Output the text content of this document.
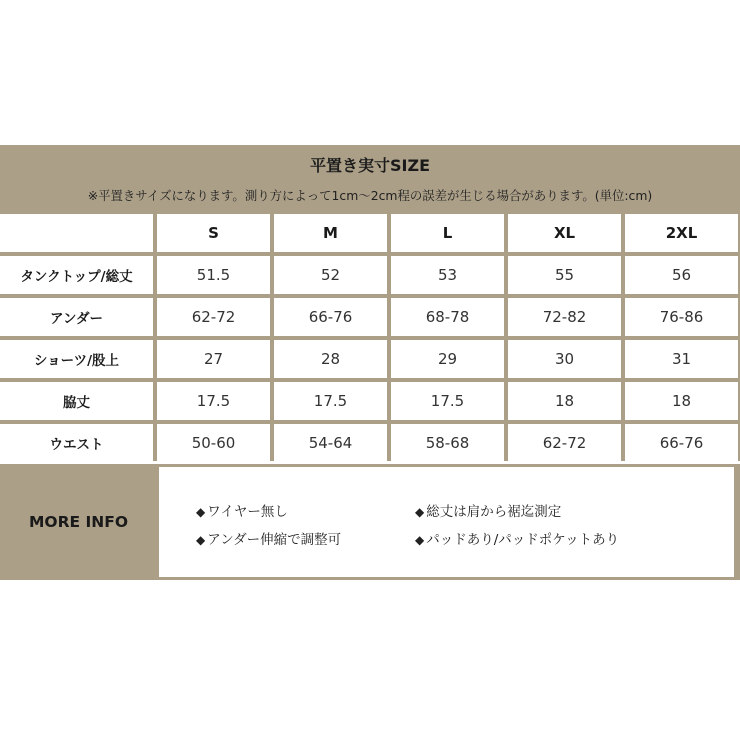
平置き実寸SIZE
※平置きサイズになります。測り方によって1cm〜2cm程の誤差が生じる場合があります。(単位:cm)
	S	M	L	XL	2XL
タンクトップ/総丈	51.5	52	53	55	56
アンダー	62-72	66-76	68-78	72-82	76-86
ショーツ/股上	27	28	29	30	31
脇丈	17.5	17.5	17.5	18	18
ウエスト	50-60	54-64	58-68	62-72	66-76
MORE INFO
◆ ワイヤー無し	◆ 総丈は肩から裾迄測定
◆ アンダー伸縮で調整可	◆ パッドあり/パッドポケットあり
